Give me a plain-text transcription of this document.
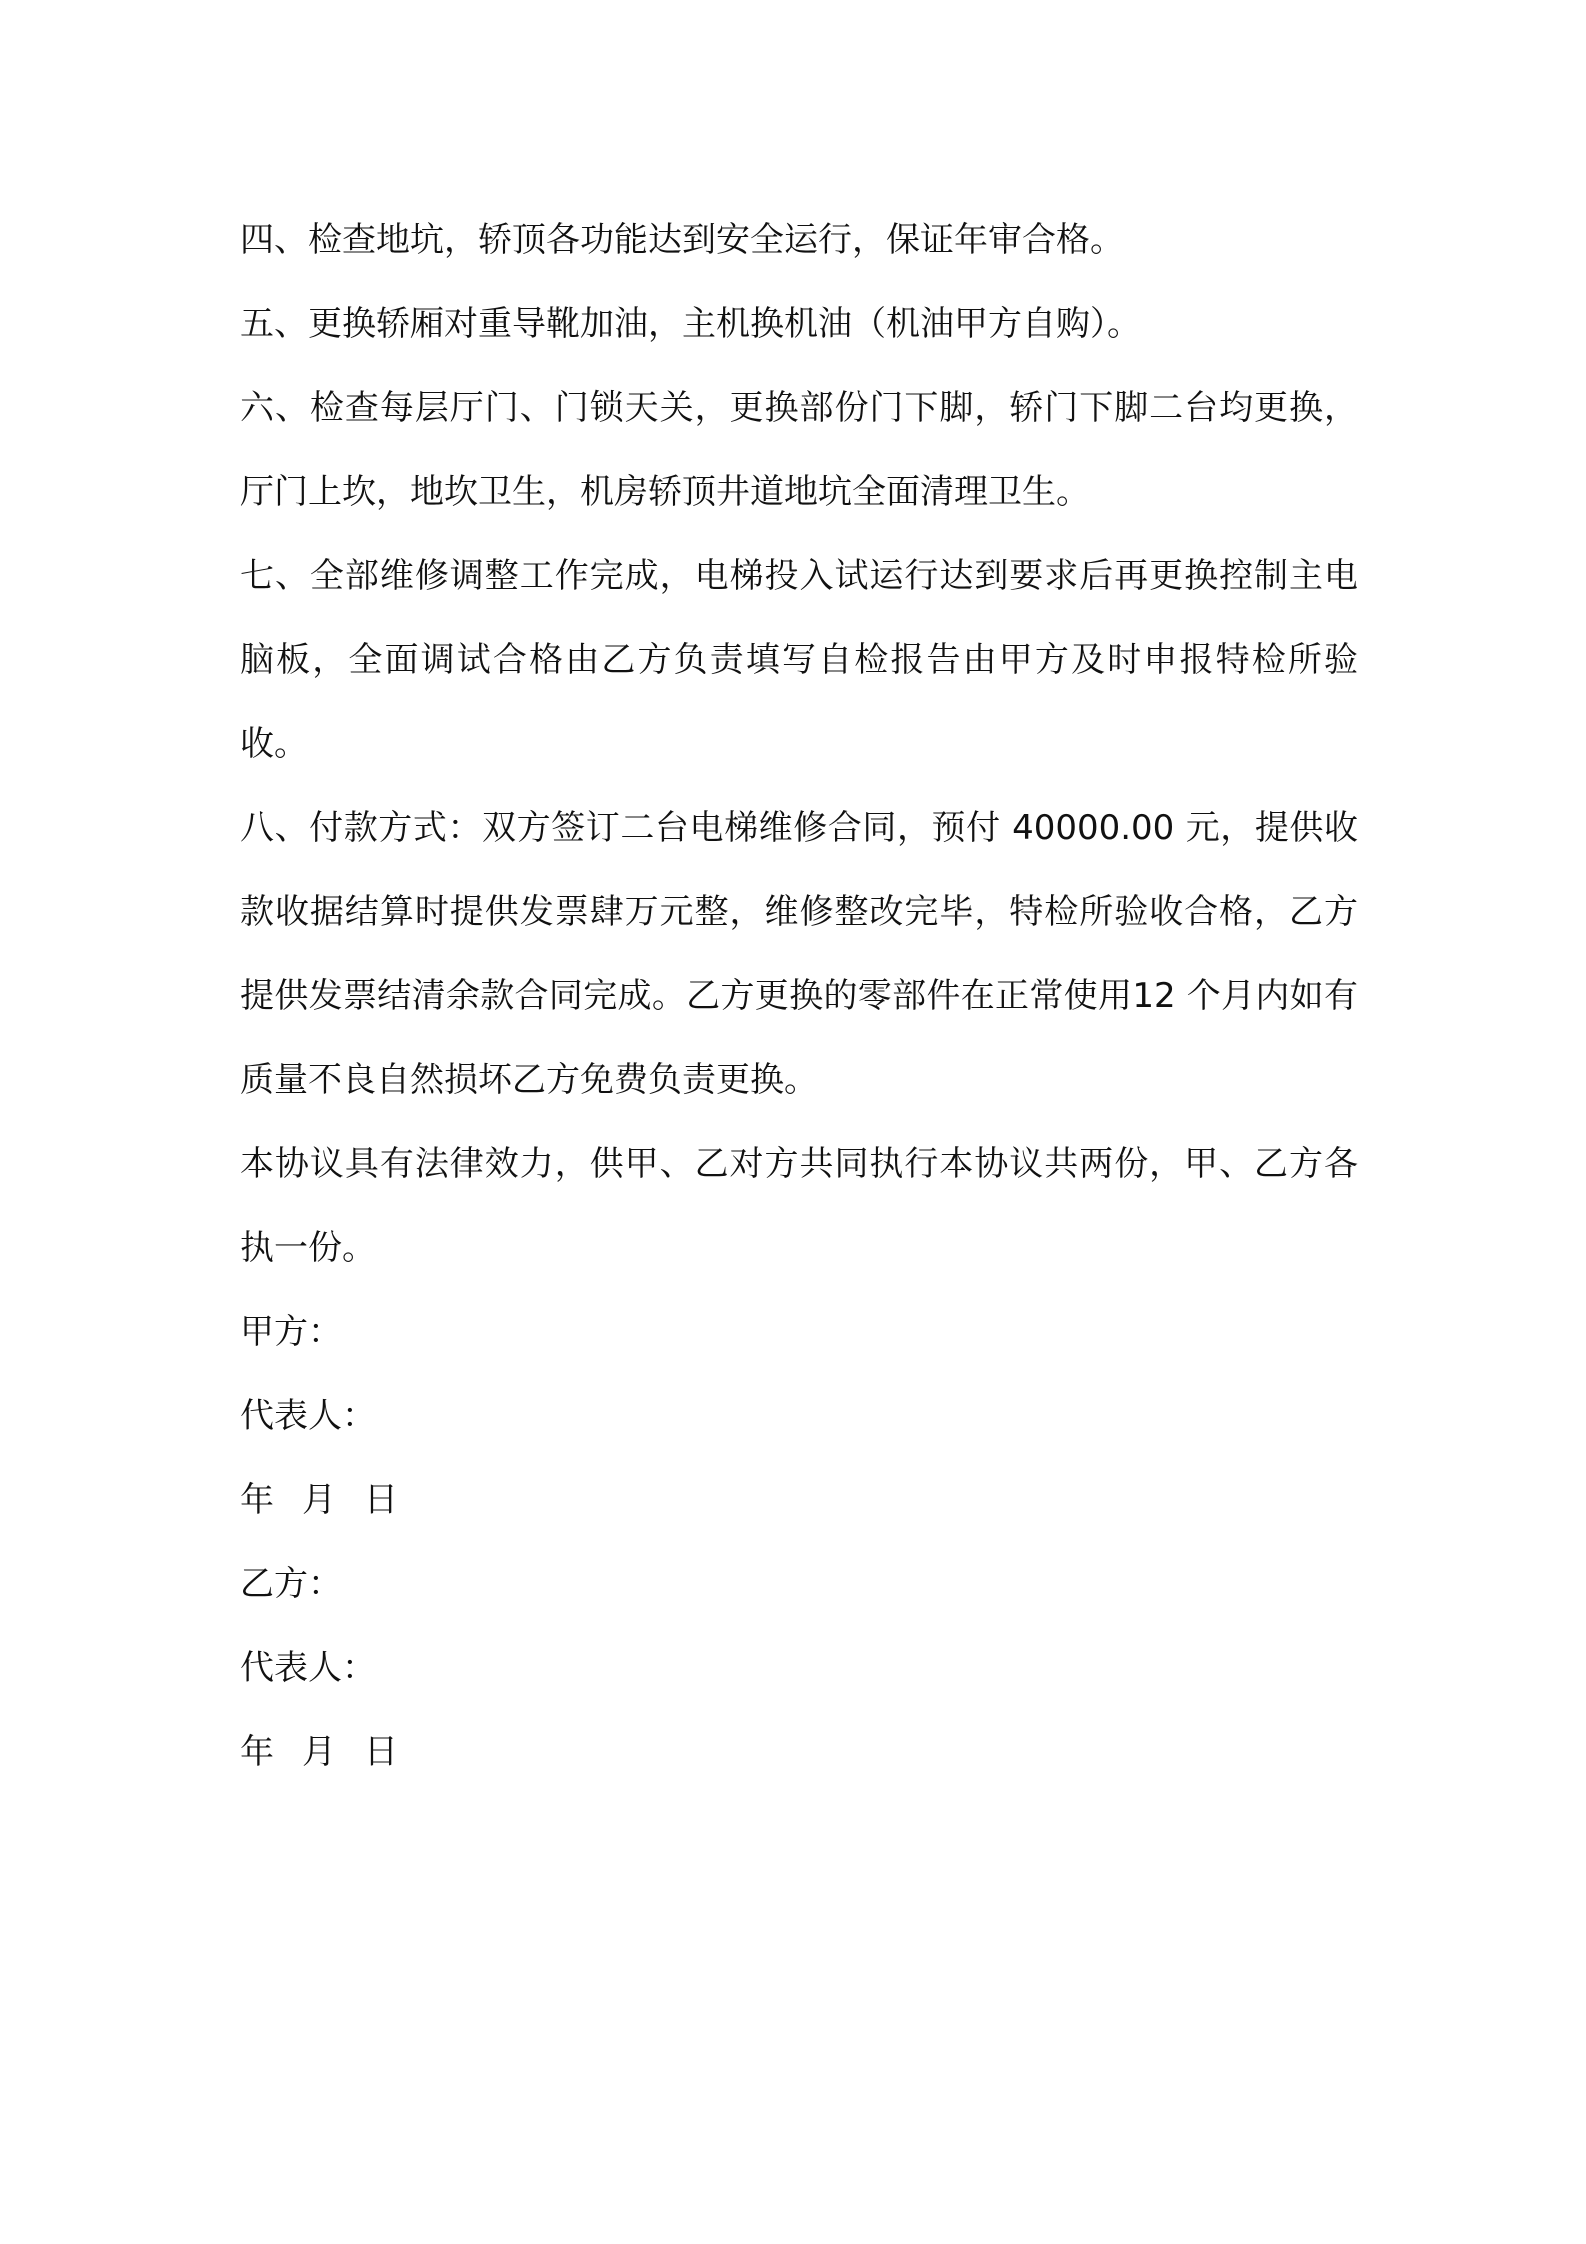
四、检查地坑，轿顶各功能达到安全运行，保证年审合格。

五、更换轿厢对重导靴加油，主机换机油（机油甲方自购）。

六、检查每层厅门、门锁天关，更换部份门下脚，轿门下脚二台均更换，厅门上坎，地坎卫生，机房轿顶井道地坑全面清理卫生。

七、全部维修调整工作完成，电梯投入试运行达到要求后再更换控制主电脑板，全面调试合格由乙方负责填写自检报告由甲方及时申报特检所验收。

八、付款方式：双方签订二台电梯维修合同，预付 40000.00 元，提供收款收据结算时提供发票肆万元整，维修整改完毕，特检所验收合格，乙方提供发票结清余款合同完成。乙方更换的零部件在正常使用12 个月内如有质量不良自然损坏乙方免费负责更换。

本协议具有法律效力，供甲、乙对方共同执行本协议共两份，甲、乙方各执一份。

甲方：

代表人：

年 月 日

乙方：

代表人：

年 月 日
